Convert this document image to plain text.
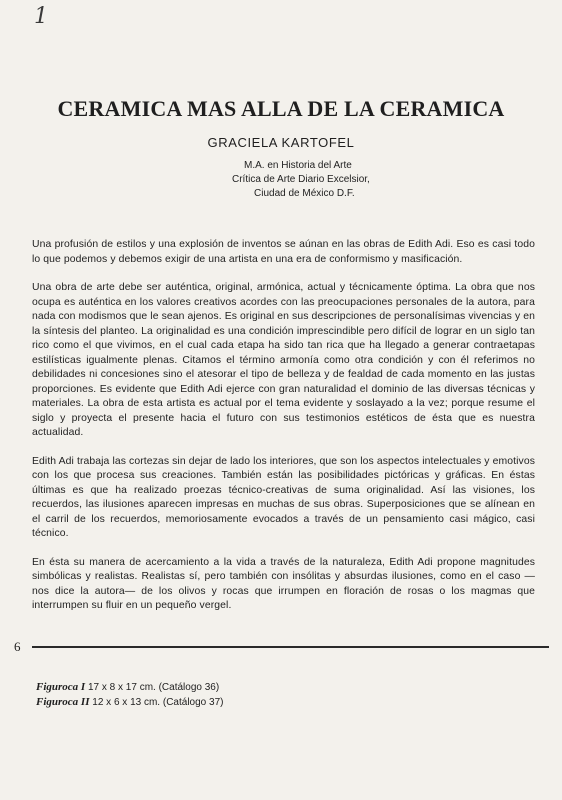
1
CERAMICA MAS ALLA DE LA CERAMICA
GRACIELA KARTOFEL
M.A. en Historia del Arte
Crítica de Arte Diario Excelsior,
Ciudad de México D.F.

Una profusión de estilos y una explosión de inventos se aúnan en las obras de Edith Adi. Eso es casi todo lo que podemos y debemos exigir de una artista en una era de conformismo y masificación.

Una obra de arte debe ser auténtica, original, armónica, actual y técnicamente óptima. La obra que nos ocupa es auténtica en los valores creativos acordes con las preocupaciones personales de la autora, para nada con modismos que le sean ajenos. Es original en sus descripciones de personalísimas vivencias y en la síntesis del planteo. La originalidad es una condición imprescindible pero difícil de lograr en un siglo tan rico como el que vivimos, en el cual cada etapa ha sido tan rica que ha llegado a generar contraetapas estilísticas igualmente plenas. Citamos el término armonía como otra condición y con él referimos no debilidades ni concesiones sino el atesorar el tipo de belleza y de fealdad de cada momento en las justas proporciones. Es evidente que Edith Adi ejerce con gran naturalidad el dominio de las diversas técnicas y materiales. La obra de esta artista es actual por el tema evidente y soslayado a la vez; porque resume el siglo y proyecta el presente hacia el futuro con sus testimonios estéticos de ésta que es nuestra actualidad.

Edith Adi trabaja las cortezas sin dejar de lado los interiores, que son los aspectos intelectuales y emotivos con los que procesa sus creaciones. También están las posibilidades pictóricas y gráficas. En éstas últimas es que ha realizado proezas técnico-creativas de suma originalidad. Así las visiones, los recuerdos, las ilusiones aparecen impresas en muchas de sus obras. Superposiciones que se alínean en el carril de los recuerdos, memoriosamente evocados a través de un pensamiento casi mágico, casi técnico.

En ésta su manera de acercamiento a la vida a través de la naturaleza, Edith Adi propone magnitudes simbólicas y realistas. Realistas sí, pero también con insólitas y absurdas ilusiones, como en el caso —nos dice la autora— de los olivos y rocas que irrumpen en floración de rosas o los magmas que interrumpen su fluir en un pequeño vergel.

6
Figuroca I 17 x 8 x 17 cm. (Catálogo 36)
Figuroca II 12 x 6 x 13 cm. (Catálogo 37)
